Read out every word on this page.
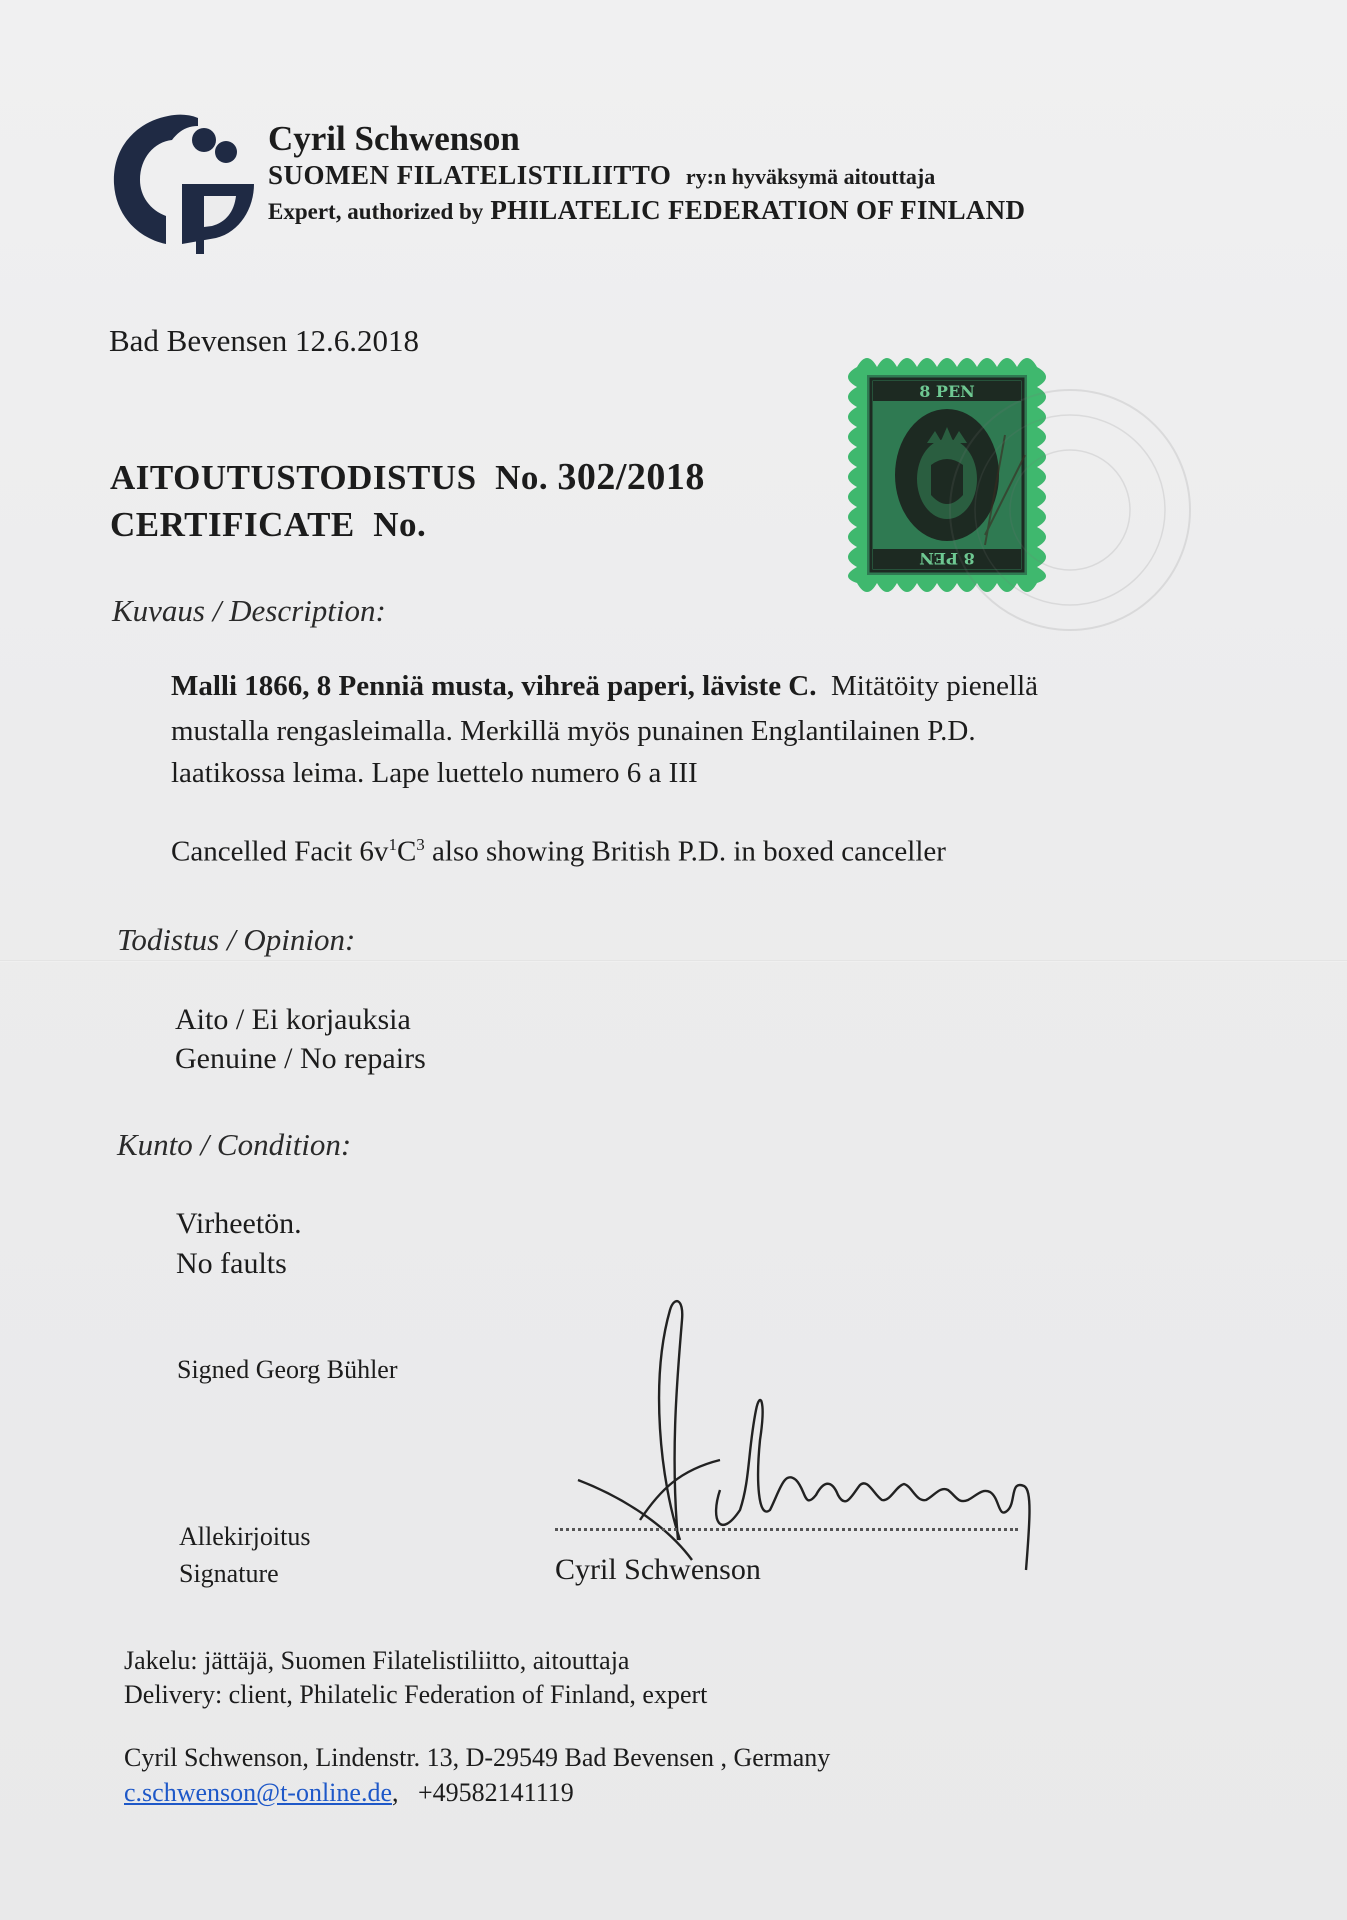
Cyril Schwenson
SUOMEN FILATELISTILIITTO ry:n hyväksymä aitouttaja
Expert, authorized by PHILATELIC FEDERATION OF FINLAND
Bad Bevensen 12.6.2018
8 PEN
8 PEN
AITOUTUSTODISTUS No. 302/2018
CERTIFICATE No.
Kuvaus / Description:
Malli 1866, 8 Penniä musta, vihreä paperi, läviste C. Mitätöity pienellä
mustalla rengasleimalla. Merkillä myös punainen Englantilainen P.D.
laatikossa leima. Lape luettelo numero 6 a III
Cancelled Facit $6v^1C^3$ also showing British P.D. in boxed canceller
Todistus / Opinion:
Aito / Ei korjauksia
Genuine / No repairs
Kunto / Condition:
Virheetön.
No faults
Signed Georg Bühler
Allekirjoitus
Signature	Cyril Schwenson
Jakelu: jättäjä, Suomen Filatelistiliitto, aitouttaja
Delivery: client, Philatelic Federation of Finland, expert
Cyril Schwenson, Lindenstr. 13, D-29549 Bad Bevensen , Germany
c.schwenson@t-online.de, +49582141119
